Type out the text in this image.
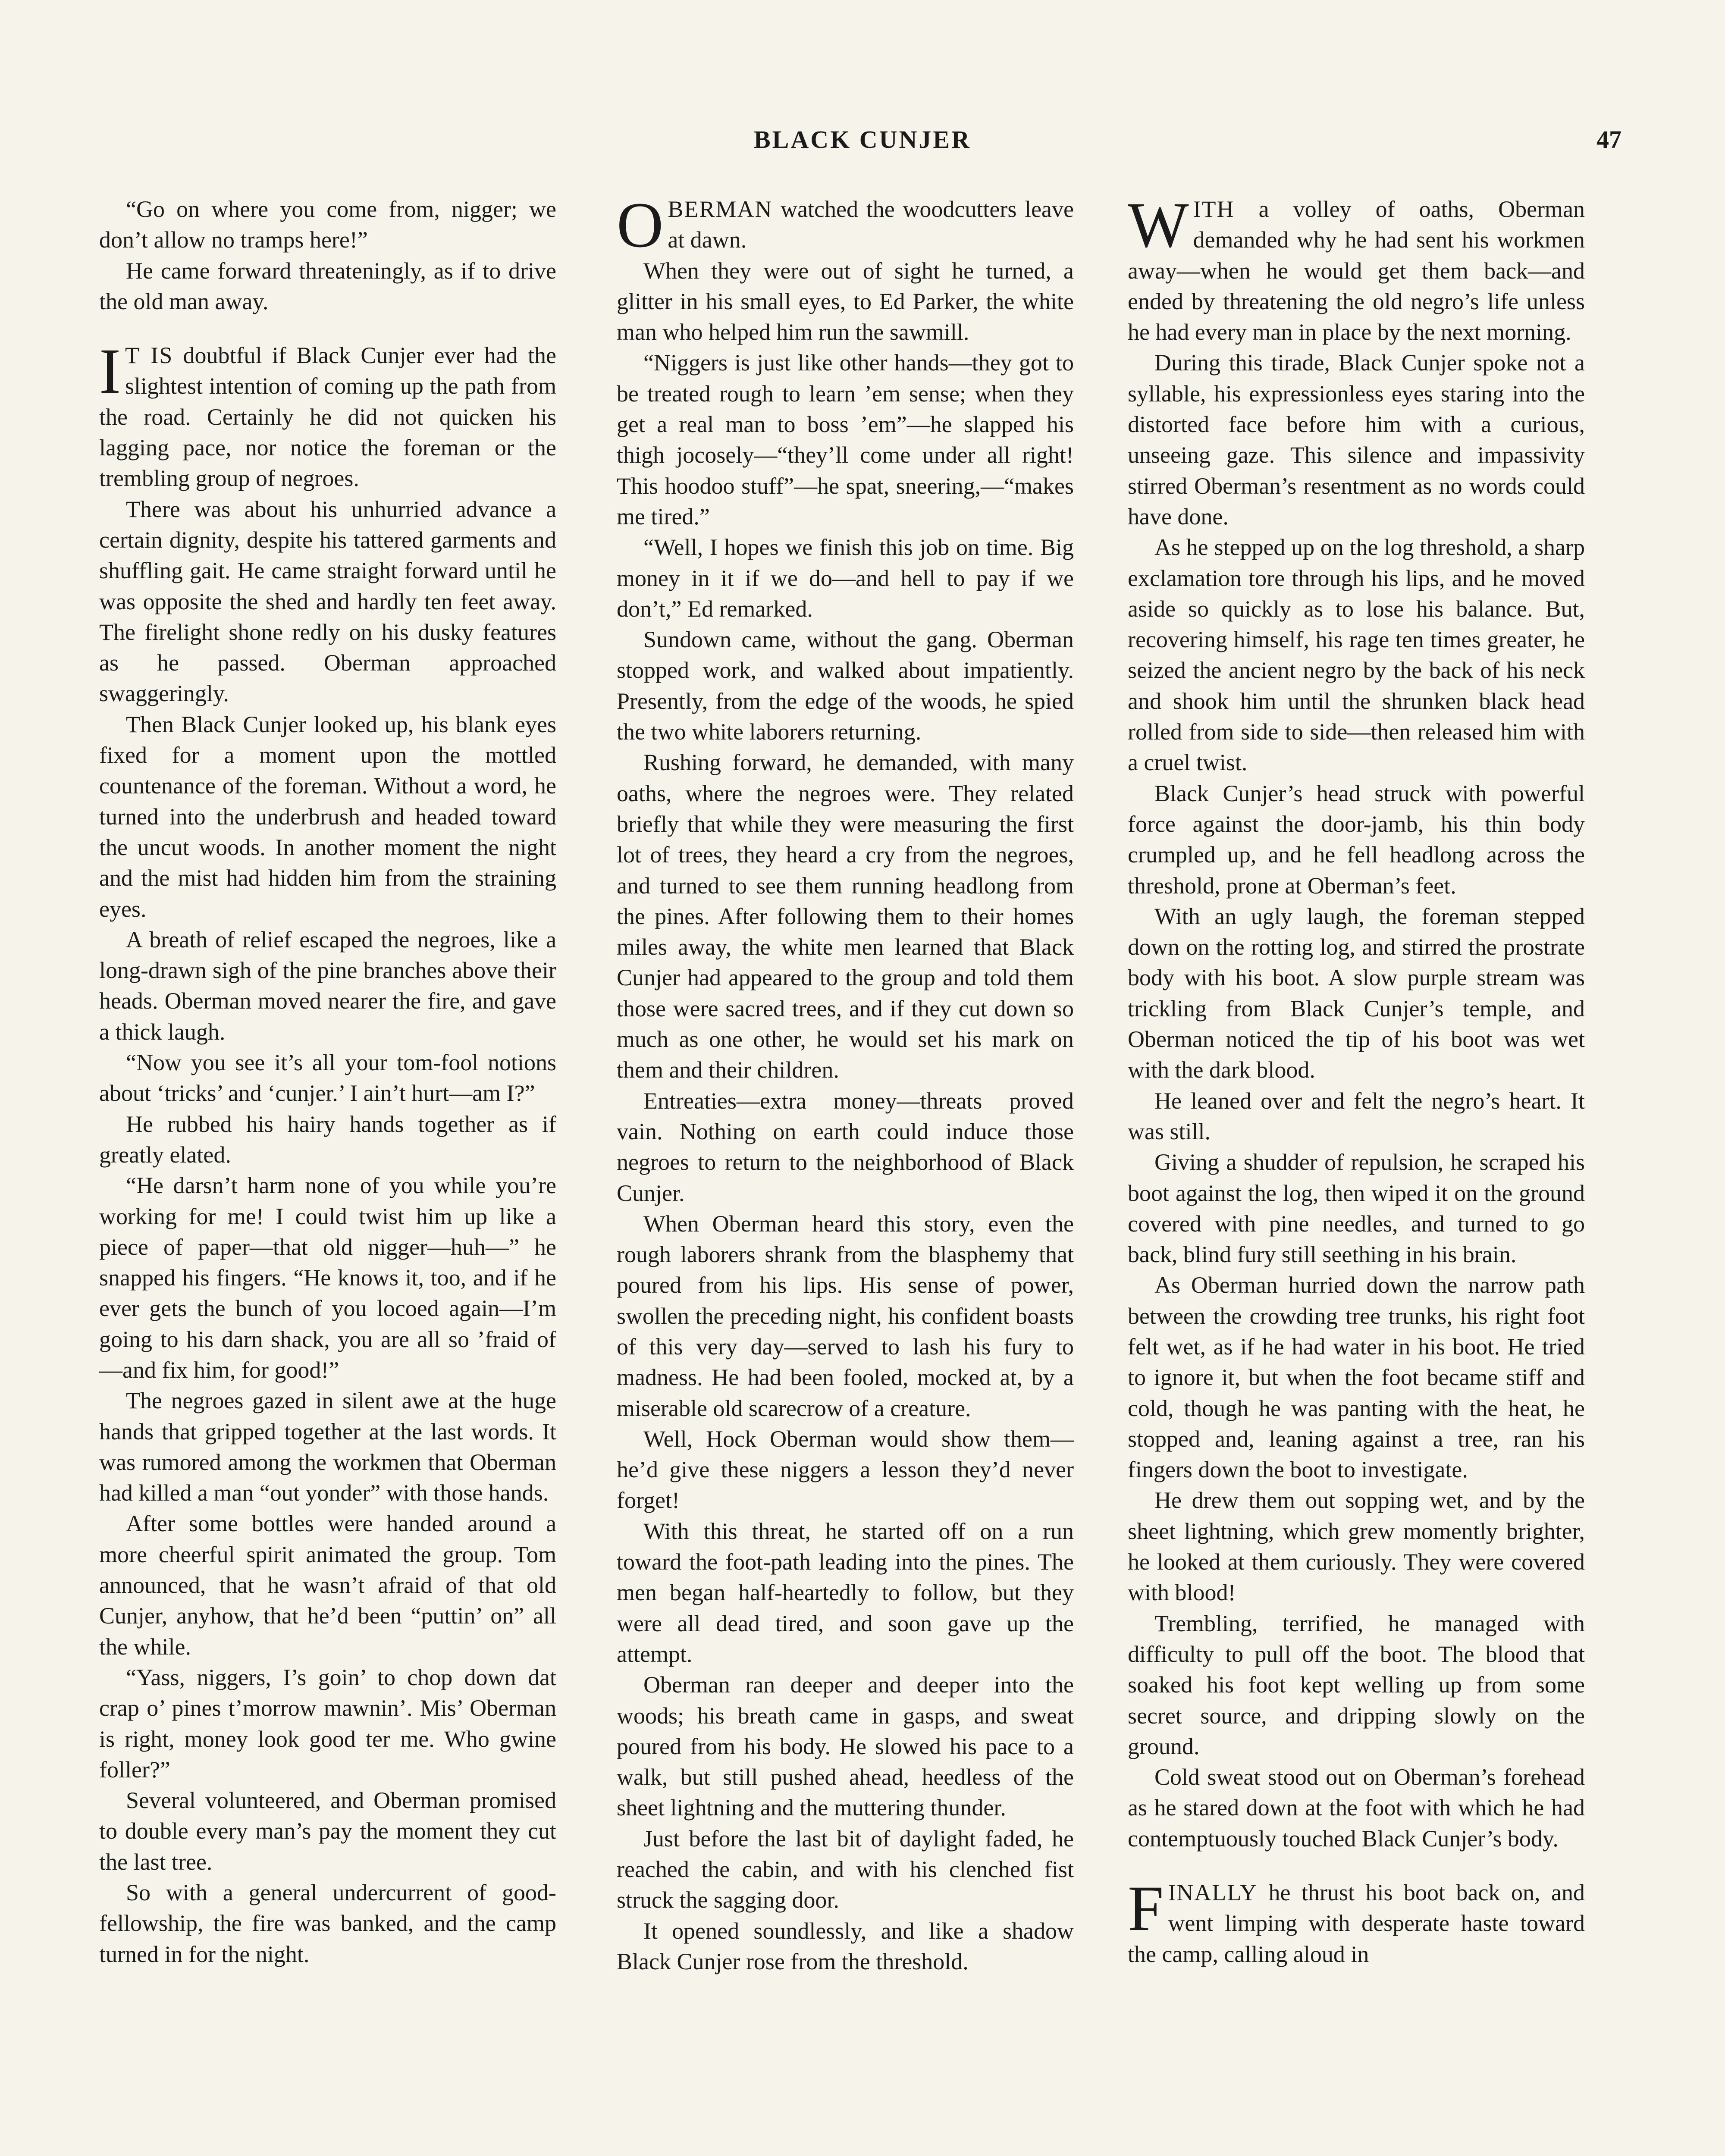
BLACK CUNJER	47

“Go on where you come from, nigger; we don’t allow no tramps here!”

He came forward threateningly, as if to drive the old man away.

I T IS doubtful if Black Cunjer ever had the slightest intention of coming up the path from the road. Certainly he did not quicken his lagging pace, nor notice the foreman or the trembling group of negroes.

There was about his unhurried advance a certain dignity, despite his tattered garments and shuffling gait. He came straight forward until he was opposite the shed and hardly ten feet away. The firelight shone redly on his dusky features as he passed. Oberman approached swaggeringly.

Then Black Cunjer looked up, his blank eyes fixed for a moment upon the mottled countenance of the foreman. Without a word, he turned into the underbrush and headed toward the uncut woods. In another moment the night and the mist had hidden him from the straining eyes.

A breath of relief escaped the negroes, like a long-drawn sigh of the pine branches above their heads. Oberman moved nearer the fire, and gave a thick laugh.

“Now you see it’s all your tom-fool notions about ‘tricks’ and ‘cunjer.’ I ain’t hurt—am I?”

He rubbed his hairy hands together as if greatly elated.

“He darsn’t harm none of you while you’re working for me! I could twist him up like a piece of paper—that old nigger—huh—” he snapped his fingers. “He knows it, too, and if he ever gets the bunch of you locoed again—I’m going to his darn shack, you are all so ’fraid of—and fix him, for good!”

The negroes gazed in silent awe at the huge hands that gripped together at the last words. It was rumored among the workmen that Oberman had killed a man “out yonder” with those hands.

After some bottles were handed around a more cheerful spirit animated the group. Tom announced, that he wasn’t afraid of that old Cunjer, anyhow, that he’d been “puttin’ on” all the while.

“Yass, niggers, I’s goin’ to chop down dat crap o’ pines t’morrow mawnin’. Mis’ Oberman is right, money look good ter me. Who gwine foller?”

Several volunteered, and Oberman promised to double every man’s pay the moment they cut the last tree.

So with a general undercurrent of good-fellowship, the fire was banked, and the camp turned in for the night.

OBERMAN watched the woodcutters leave at dawn.

When they were out of sight he turned, a glitter in his small eyes, to Ed Parker, the white man who helped him run the sawmill.

“Niggers is just like other hands—they got to be treated rough to learn ’em sense; when they get a real man to boss ’em”—he slapped his thigh jocosely—“they’ll come under all right! This hoodoo stuff”—he spat, sneering,—“makes me tired.”

“Well, I hopes we finish this job on time. Big money in it if we do—and hell to pay if we don’t,” Ed remarked.

Sundown came, without the gang. Oberman stopped work, and walked about impatiently. Presently, from the edge of the woods, he spied the two white laborers returning.

Rushing forward, he demanded, with many oaths, where the negroes were. They related briefly that while they were measuring the first lot of trees, they heard a cry from the negroes, and turned to see them running headlong from the pines. After following them to their homes miles away, the white men learned that Black Cunjer had appeared to the group and told them those were sacred trees, and if they cut down so much as one other, he would set his mark on them and their children.

Entreaties—extra money—threats proved vain. Nothing on earth could induce those negroes to return to the neighborhood of Black Cunjer.

When Oberman heard this story, even the rough laborers shrank from the blasphemy that poured from his lips. His sense of power, swollen the preceding night, his confident boasts of this very day—served to lash his fury to madness. He had been fooled, mocked at, by a miserable old scarecrow of a creature.

Well, Hock Oberman would show them—he’d give these niggers a lesson they’d never forget!

With this threat, he started off on a run toward the foot-path leading into the pines. The men began half-heartedly to follow, but they were all dead tired, and soon gave up the attempt.

Oberman ran deeper and deeper into the woods; his breath came in gasps, and sweat poured from his body. He slowed his pace to a walk, but still pushed ahead, heedless of the sheet lightning and the muttering thunder.

Just before the last bit of daylight faded, he reached the cabin, and with his clenched fist struck the sagging door.

It opened soundlessly, and like a shadow Black Cunjer rose from the threshold.

WITH a volley of oaths, Oberman demanded why he had sent his workmen away—when he would get them back—and ended by threatening the old negro’s life unless he had every man in place by the next morning.

During this tirade, Black Cunjer spoke not a syllable, his expressionless eyes staring into the distorted face before him with a curious, unseeing gaze. This silence and impassivity stirred Oberman’s resentment as no words could have done.

As he stepped up on the log threshold, a sharp exclamation tore through his lips, and he moved aside so quickly as to lose his balance. But, recovering himself, his rage ten times greater, he seized the ancient negro by the back of his neck and shook him until the shrunken black head rolled from side to side—then released him with a cruel twist.

Black Cunjer’s head struck with powerful force against the door-jamb, his thin body crumpled up, and he fell headlong across the threshold, prone at Oberman’s feet.

With an ugly laugh, the foreman stepped down on the rotting log, and stirred the prostrate body with his boot. A slow purple stream was trickling from Black Cunjer’s temple, and Oberman noticed the tip of his boot was wet with the dark blood.

He leaned over and felt the negro’s heart. It was still.

Giving a shudder of repulsion, he scraped his boot against the log, then wiped it on the ground covered with pine needles, and turned to go back, blind fury still seething in his brain.

As Oberman hurried down the narrow path between the crowding tree trunks, his right foot felt wet, as if he had water in his boot. He tried to ignore it, but when the foot became stiff and cold, though he was panting with the heat, he stopped and, leaning against a tree, ran his fingers down the boot to investigate.

He drew them out sopping wet, and by the sheet lightning, which grew momently brighter, he looked at them curiously. They were covered with blood!

Trembling, terrified, he managed with difficulty to pull off the boot. The blood that soaked his foot kept welling up from some secret source, and dripping slowly on the ground.

Cold sweat stood out on Oberman’s forehead as he stared down at the foot with which he had contemptuously touched Black Cunjer’s body.

FINALLY he thrust his boot back on, and went limping with desperate haste toward the camp, calling aloud in
